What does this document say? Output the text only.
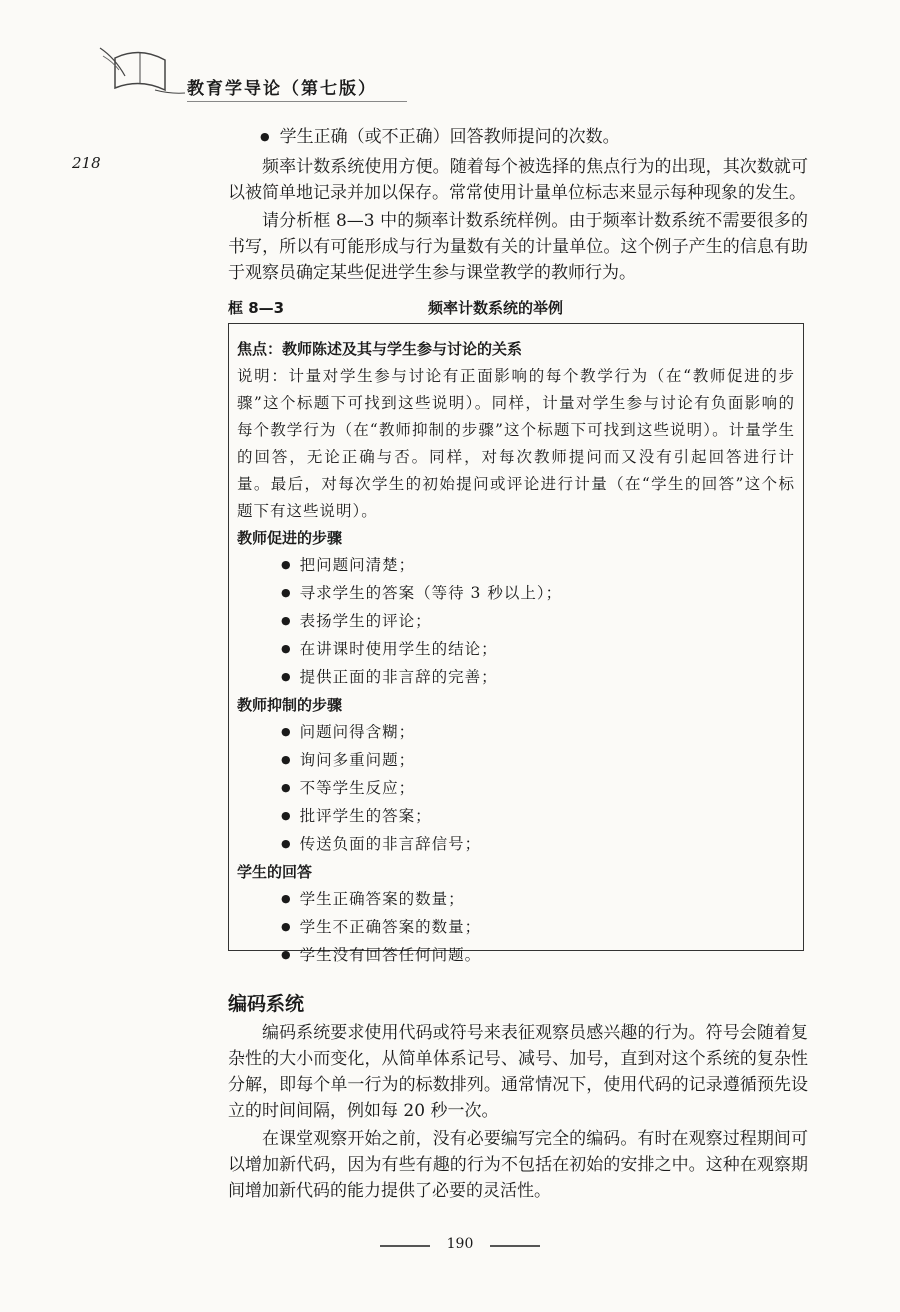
教育学导论（第七版）
218

● 学生正确（或不正确）回答教师提问的次数。

频率计数系统使用方便。随着每个被选择的焦点行为的出现，其次数就可以被简单地记录并加以保存。常常使用计量单位标志来显示每种现象的发生。

请分析框 8—3 中的频率计数系统样例。由于频率计数系统不需要很多的书写，所以有可能形成与行为量数有关的计量单位。这个例子产生的信息有助于观察员确定某些促进学生参与课堂教学的教师行为。

框 8—3	频率计数系统的举例
焦点：教师陈述及其与学生参与讨论的关系

说明：计量对学生参与讨论有正面影响的每个教学行为（在“教师促进的步骤”这个标题下可找到这些说明）。同样，计量对学生参与讨论有负面影响的每个教学行为（在“教师抑制的步骤”这个标题下可找到这些说明）。计量学生的回答，无论正确与否。同样，对每次教师提问而又没有引起回答进行计量。最后，对每次学生的初始提问或评论进行计量（在“学生的回答”这个标题下有这些说明）。

教师促进的步骤
● 把问题问清楚；
● 寻求学生的答案（等待 3 秒以上）；
● 表扬学生的评论；
● 在讲课时使用学生的结论；
● 提供正面的非言辞的完善；
教师抑制的步骤
● 问题问得含糊；
● 询问多重问题；
● 不等学生反应；
● 批评学生的答案；
● 传送负面的非言辞信号；
学生的回答
● 学生正确答案的数量；
● 学生不正确答案的数量；
● 学生没有回答任何问题。
编码系统

编码系统要求使用代码或符号来表征观察员感兴趣的行为。符号会随着复杂性的大小而变化，从简单体系记号、减号、加号，直到对这个系统的复杂性分解，即每个单一行为的标数排列。通常情况下，使用代码的记录遵循预先设立的时间间隔，例如每 20 秒一次。

在课堂观察开始之前，没有必要编写完全的编码。有时在观察过程期间可以增加新代码，因为有些有趣的行为不包括在初始的安排之中。这种在观察期间增加新代码的能力提供了必要的灵活性。

190
